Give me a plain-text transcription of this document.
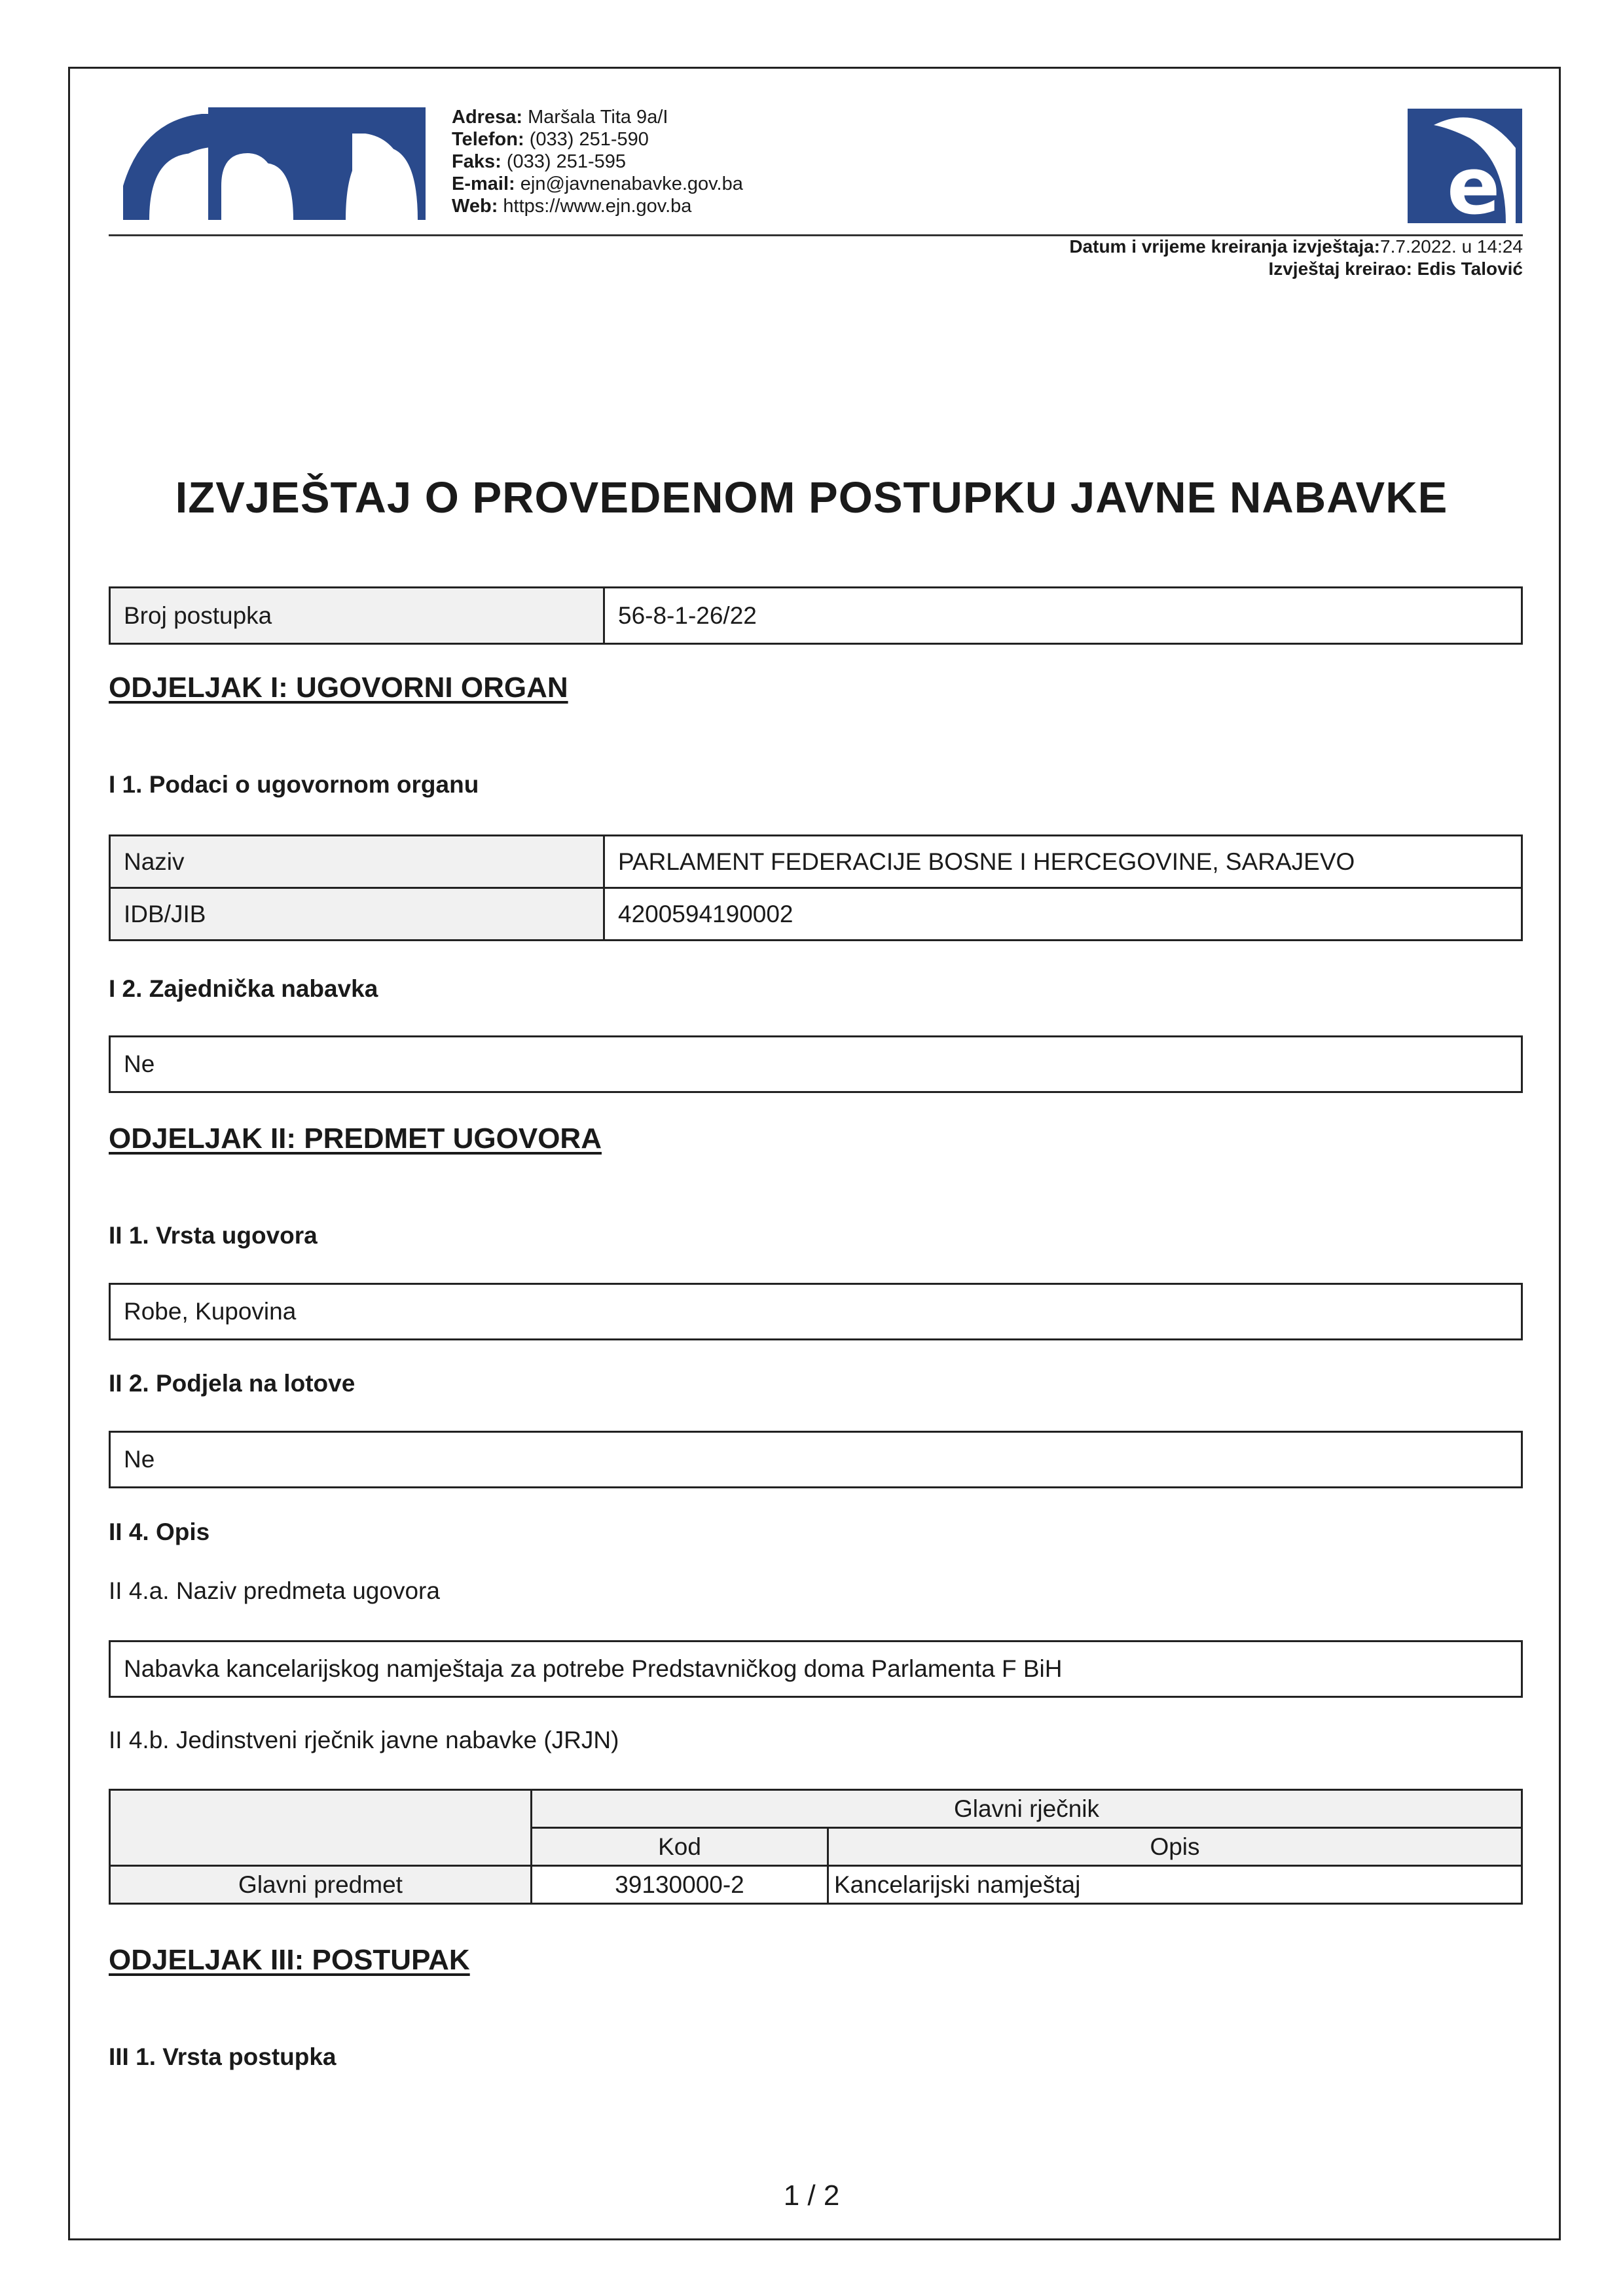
Adresa: Maršala Tita 9a/I
Telefon: (033) 251-590
Faks: (033) 251-595
E-mail: ejn@javnenabavke.gov.ba
Web: https://www.ejn.gov.ba	e
Datum i vrijeme kreiranja izvještaja:7.7.2022. u 14:24
Izvještaj kreirao: Edis Talović
IZVJEŠTAJ O PROVEDENOM POSTUPKU JAVNE NABAVKE
Broj postupka	56-8-1-26/22
ODJELJAK I: UGOVORNI ORGAN
I 1. Podaci o ugovornom organu
Naziv	PARLAMENT FEDERACIJE BOSNE I HERCEGOVINE, SARAJEVO
IDB/JIB	4200594190002
I 2. Zajednička nabavka
Ne
ODJELJAK II: PREDMET UGOVORA
II 1. Vrsta ugovora
Robe, Kupovina
II 2. Podjela na lotove
Ne
II 4. Opis
II 4.a. Naziv predmeta ugovora
Nabavka kancelarijskog namještaja za potrebe Predstavničkog doma Parlamenta F BiH
II 4.b. Jedinstveni rječnik javne nabavke (JRJN)
	Glavni rječnik	
	Kod	Opis
Glavni predmet	39130000-2	Kancelarijski namještaj
ODJELJAK III: POSTUPAK
III 1. Vrsta postupka
1 / 2
